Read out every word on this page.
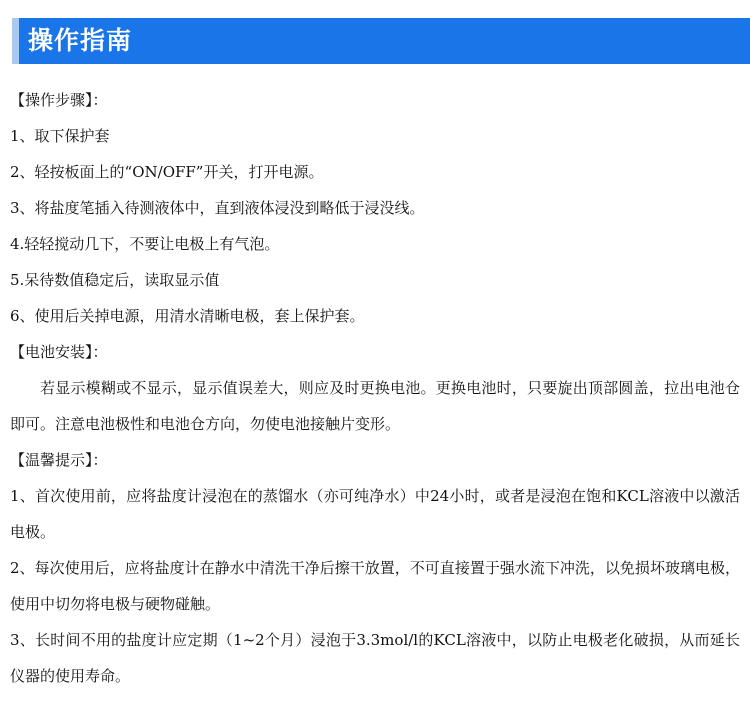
操作指南
【操作步骤】：
1、取下保护套
2、轻按板面上的“ON/OFF”开关，打开电源。
3、将盐度笔插入待测液体中，直到液体浸没到略低于浸没线。
4.轻轻搅动几下，不要让电极上有气泡。
5.呆待数值稳定后，读取显示值
6、使用后关掉电源，用清水清晰电极，套上保护套。
【电池安装】：

若显示模糊或不显示，显示值误差大，则应及时更换电池。更换电池时，只要旋出顶部圆盖，拉出电池仓即可。注意电池极性和电池仓方向，勿使电池接触片变形。

【温馨提示】：

1、首次使用前，应将盐度计浸泡在的蒸馏水（亦可纯净水）中24小时，或者是浸泡在饱和KCL溶液中以激活电极。

2、每次使用后，应将盐度计在静水中清洗干净后擦干放置，不可直接置于强水流下冲洗，以免损坏玻璃电极，使用中切勿将电极与硬物碰触。

3、长时间不用的盐度计应定期（1~2个月）浸泡于3.3mol/l的KCL溶液中，以防止电极老化破损，从而延长仪器的使用寿命。
